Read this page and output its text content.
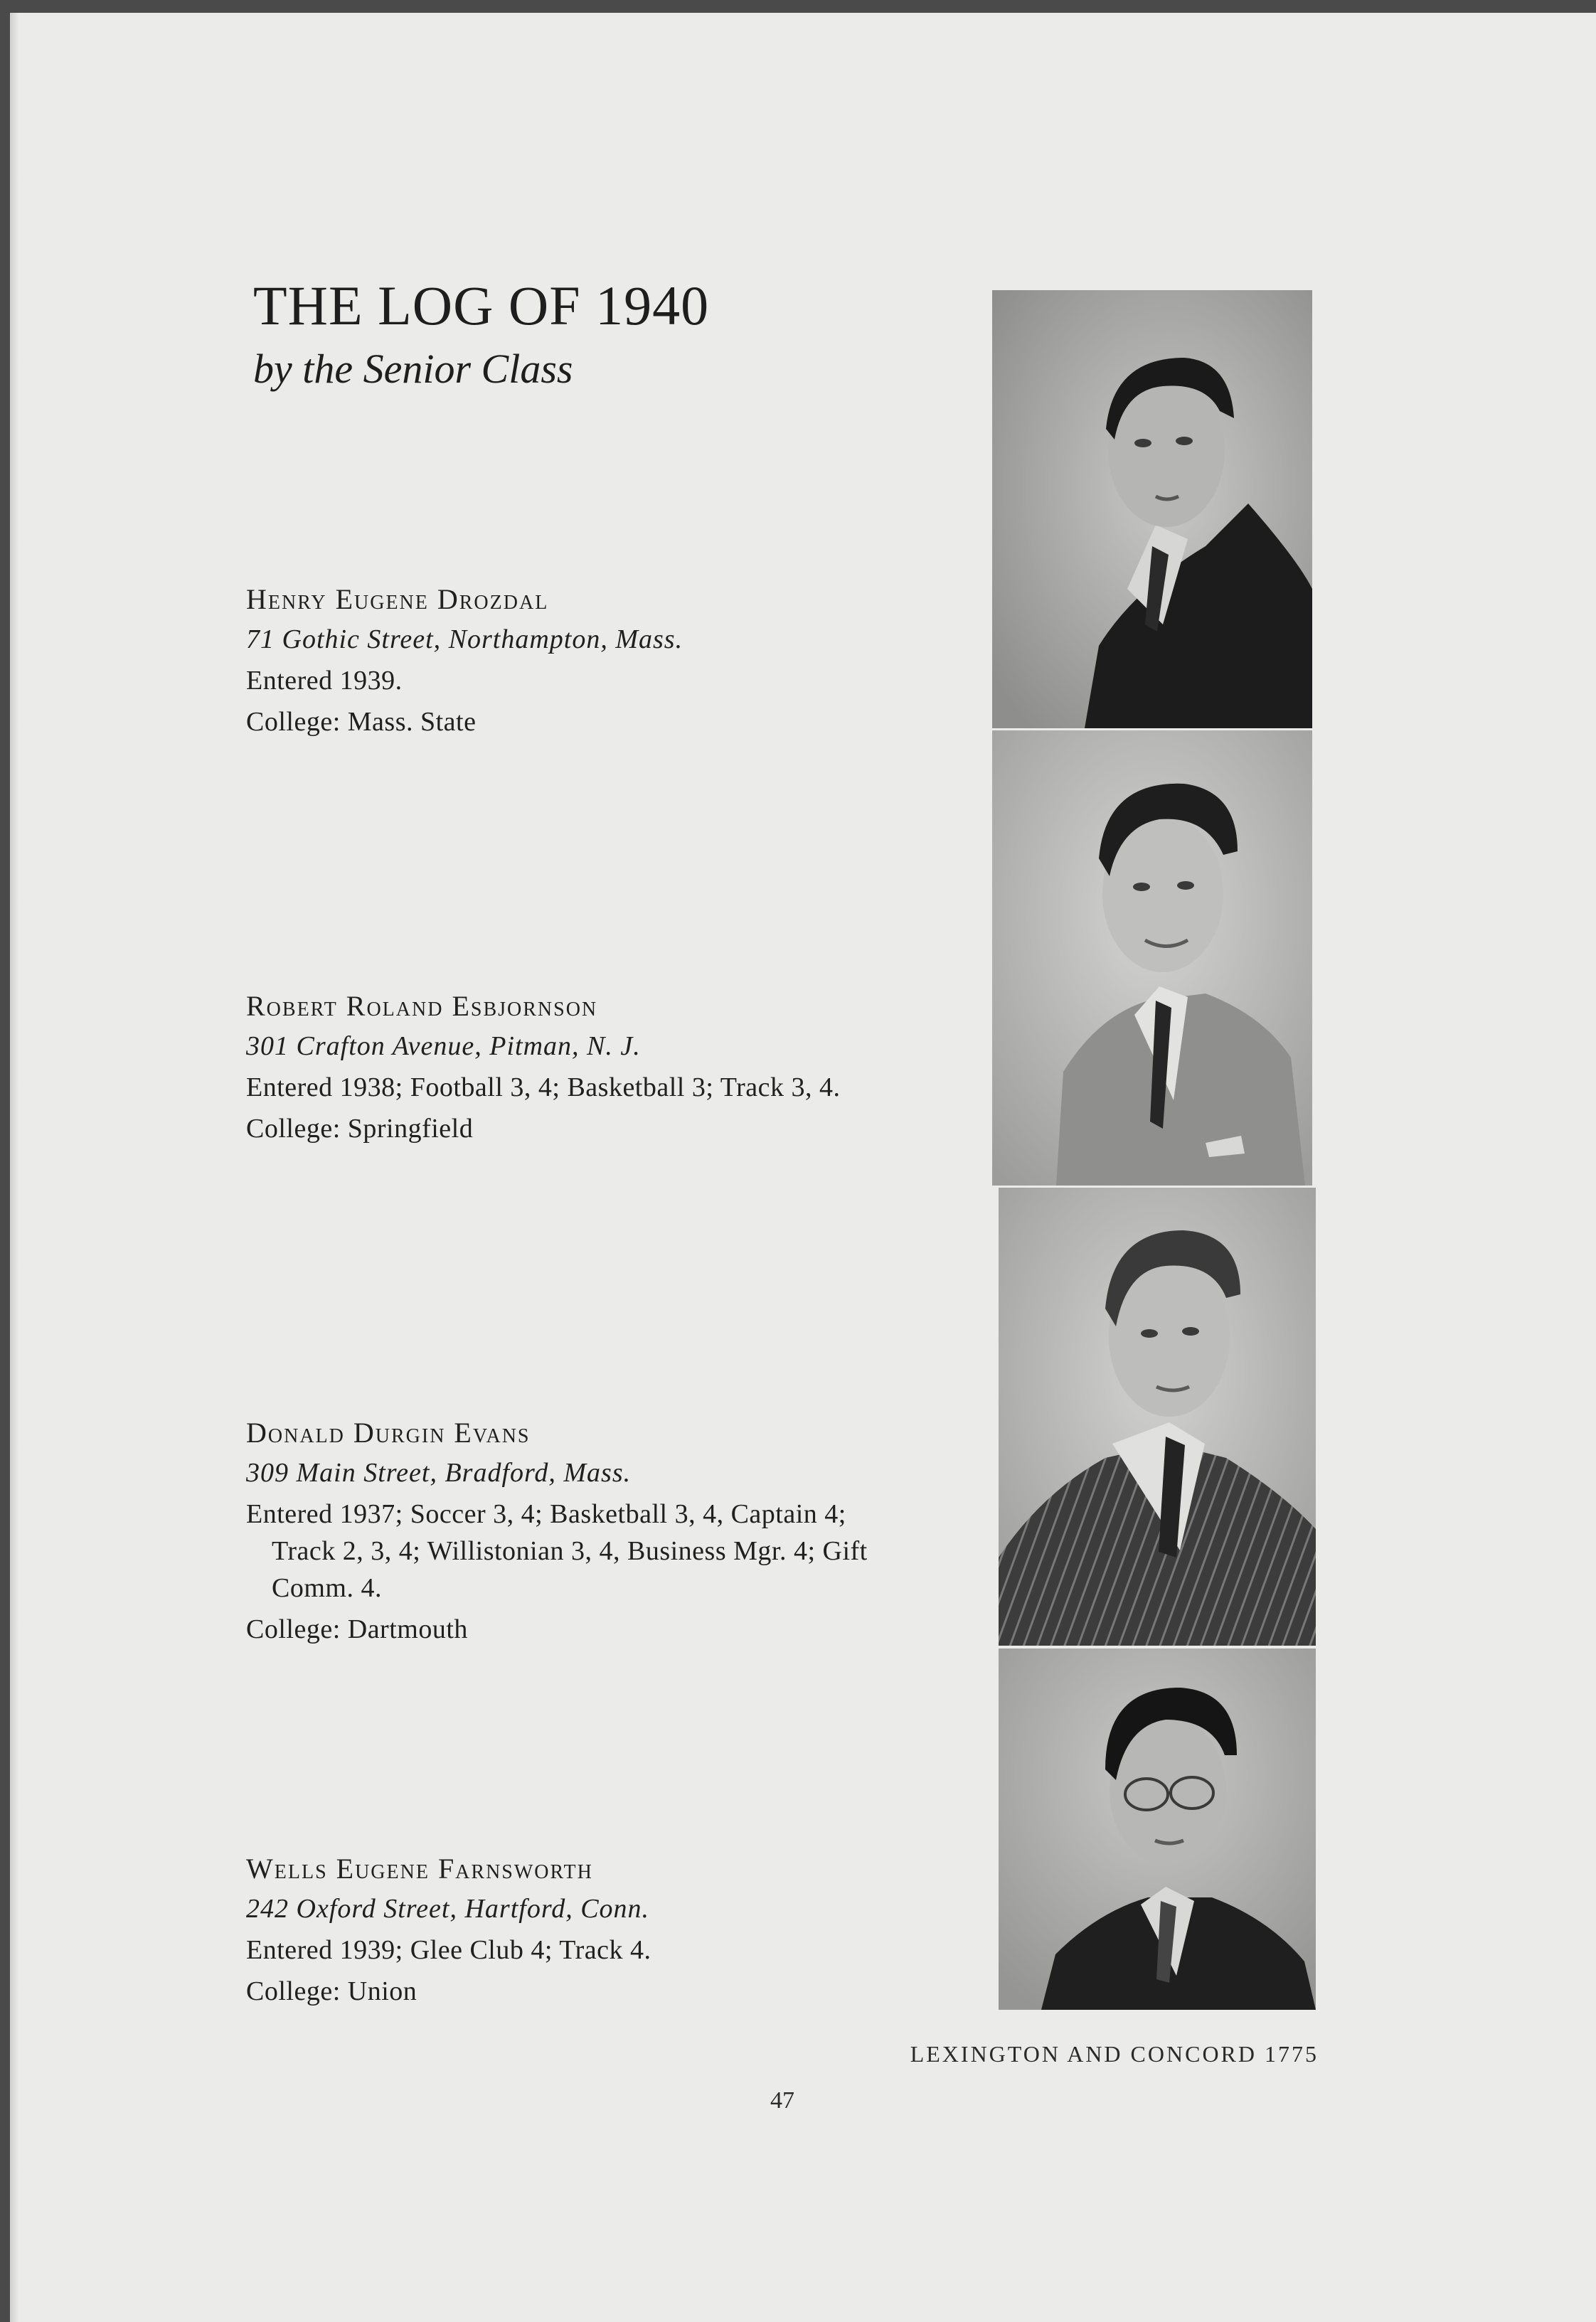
THE LOG OF 1940
by the Senior Class
Henry Eugene Drozdal
71 Gothic Street, Northampton, Mass.
Entered 1939.
College: Mass. State
Robert Roland Esbjornson
301 Crafton Avenue, Pitman, N. J.
Entered 1938; Football 3, 4; Basketball 3; Track 3, 4.
College: Springfield
Donald Durgin Evans
309 Main Street, Bradford, Mass.
Entered 1937; Soccer 3, 4; Basketball 3, 4, Captain 4; Track 2, 3, 4; Willistonian 3, 4, Business Mgr. 4; Gift Comm. 4.
College: Dartmouth
Wells Eugene Farnsworth
242 Oxford Street, Hartford, Conn.
Entered 1939; Glee Club 4; Track 4.
College: Union
LEXINGTON AND CONCORD 1775
47
